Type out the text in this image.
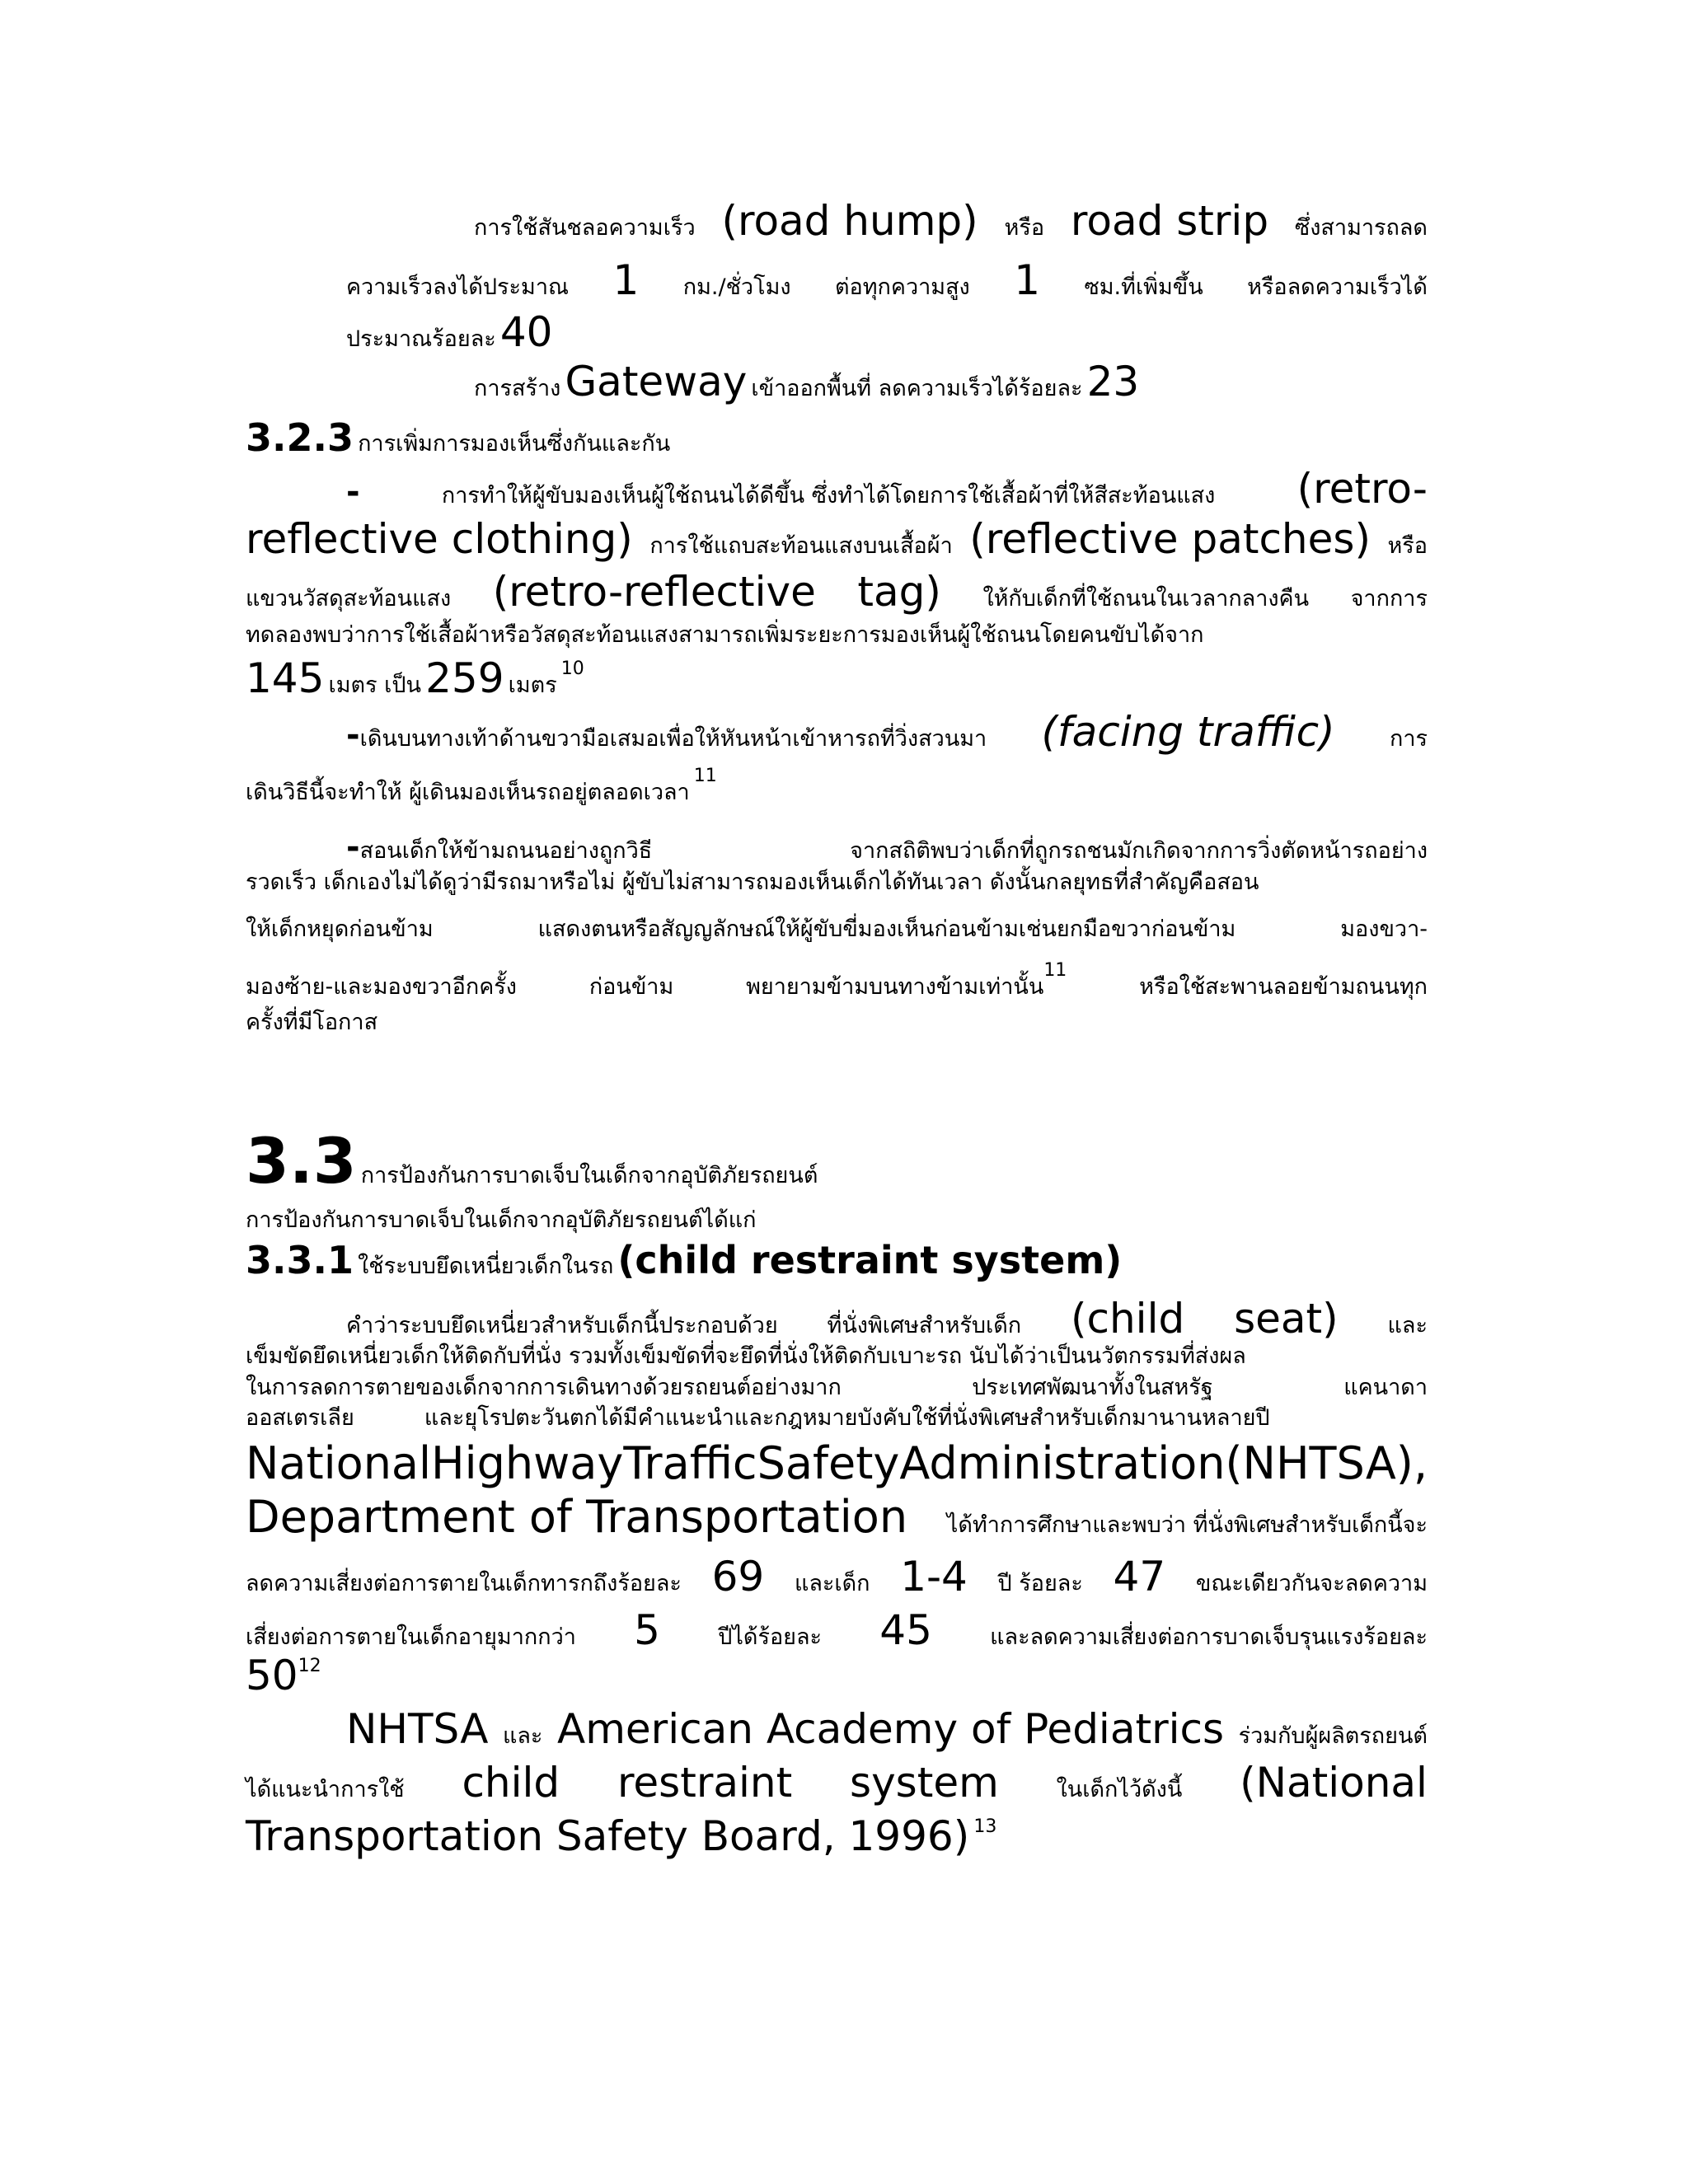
การใช้สันชลอความเร็ว (road hump) หรือ road strip ซึ่งสามารถลด
ความเร็วลงได้ประมาณ 1 กม./ชั่วโมง ต่อทุกความสูง 1 ซม.ที่เพิ่มขึ้น หรือลดความเร็วได้
ประมาณร้อยละ 40
การสร้าง Gateway เข้าออกพื้นที่ ลดความเร็วได้ร้อยละ 23
3.2.3 การเพิ่มการมองเห็นซึ่งกันและกัน
-	การทำให้ผู้ขับมองเห็นผู้ใช้ถนนได้ดีขึ้น ซึ่งทำได้โดยการใช้เสื้อผ้าที่ให้สีสะท้อนแสง (retro-
reflective clothing) การใช้แถบสะท้อนแสงบนเสื้อผ้า (reflective patches) หรือ
แขวนวัสดุสะท้อนแสง (retro-reflective tag) ให้กับเด็กที่ใช้ถนนในเวลากลางคืน จากการ
ทดลองพบว่าการใช้เสื้อผ้าหรือวัสดุสะท้อนแสงสามารถเพิ่มระยะการมองเห็นผู้ใช้ถนนโดยคนขับได้จาก
145 เมตร เป็น 259 เมตร $^{10}$
-เดินบนทางเท้าด้านขวามือเสมอเพื่อให้หันหน้าเข้าหารถที่วิ่งสวนมา (facing traffic) การ
เดินวิธีนี้จะทำให้ ผู้เดินมองเห็นรถอยู่ตลอดเวลา $^{11}$
-สอนเด็กให้ข้ามถนนอย่างถูกวิธี	จากสถิติพบว่าเด็กที่ถูกรถชนมักเกิดจากการวิ่งตัดหน้ารถอย่าง
รวดเร็ว เด็กเองไม่ได้ดูว่ามีรถมาหรือไม่ ผู้ขับไม่สามารถมองเห็นเด็กได้ทันเวลา ดังนั้นกลยุทธที่สำคัญคือสอน
ให้เด็กหยุดก่อนข้าม	แสดงตนหรือสัญญลักษณ์ให้ผู้ขับขี่มองเห็นก่อนข้ามเช่นยกมือขวาก่อนข้าม	มองขวา-
มองซ้าย-และมองขวาอีกครั้ง	ก่อนข้าม	พยายามข้ามบนทางข้ามเท่านั้น$^{11}$
หรือใช้สะพานลอยข้ามถนนทุก
ครั้งที่มีโอกาส
3.3 การป้องกันการบาดเจ็บในเด็กจากอุบัติภัยรถยนต์
การป้องกันการบาดเจ็บในเด็กจากอุบัติภัยรถยนต์ได้แก่
3.3.1 ใช้ระบบยึดเหนี่ยวเด็กในรถ (child restraint system)
คำว่าระบบยึดเหนี่ยวสำหรับเด็กนี้ประกอบด้วย ที่นั่งพิเศษสำหรับเด็ก (child seat) และ
เข็มขัดยึดเหนี่ยวเด็กให้ติดกับที่นั่ง รวมทั้งเข็มขัดที่จะยึดที่นั่งให้ติดกับเบาะรถ นับได้ว่าเป็นนวัตกรรมที่ส่งผล
ในการลดการตายของเด็กจากการเดินทางด้วยรถยนต์อย่างมาก	ประเทศพัฒนาทั้งในสหรัฐ	แคนาดา
ออสเตรเลีย	และยุโรปตะวันตกได้มีคำแนะนำและกฎหมายบังคับใช้ที่นั่งพิเศษสำหรับเด็กมานานหลายปี
National Highway Traffic Safety Administration (NHTSA),
Department of Transportation ได้ทำการศึกษาและพบว่า ที่นั่งพิเศษสำหรับเด็กนี้จะ
ลดความเสี่ยงต่อการตายในเด็กทารกถึงร้อยละ 69 และเด็ก 1-4 ปี ร้อยละ 47 ขณะเดียวกันจะลดความ
เสี่ยงต่อการตายในเด็กอายุมากกว่า 5	ปีได้ร้อยละ 45	และลดความเสี่ยงต่อการบาดเจ็บรุนแรงร้อยละ
$50^{12}$
NHTSA และ American Academy of Pediatrics ร่วมกับผู้ผลิตรถยนต์
ได้แนะนำการใช้ child restraint system	ในเด็กไว้ดังนี้ (National
Transportation Safety Board, 1996) $^{13}$
